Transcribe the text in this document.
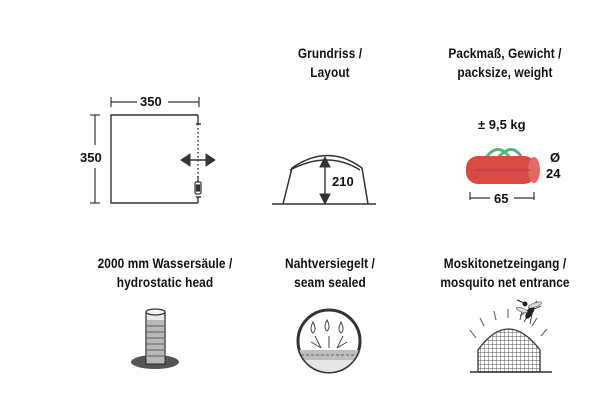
Grundriss /
Layout
Packmaß, Gewicht /
packsize, weight
2000 mm Wassersäule /
hydrostatic head
Nahtversiegelt /
seam sealed
Moskitonetzeingang /
mosquito net entrance
350
350
210
± 9,5 kg
Ø
24
65
